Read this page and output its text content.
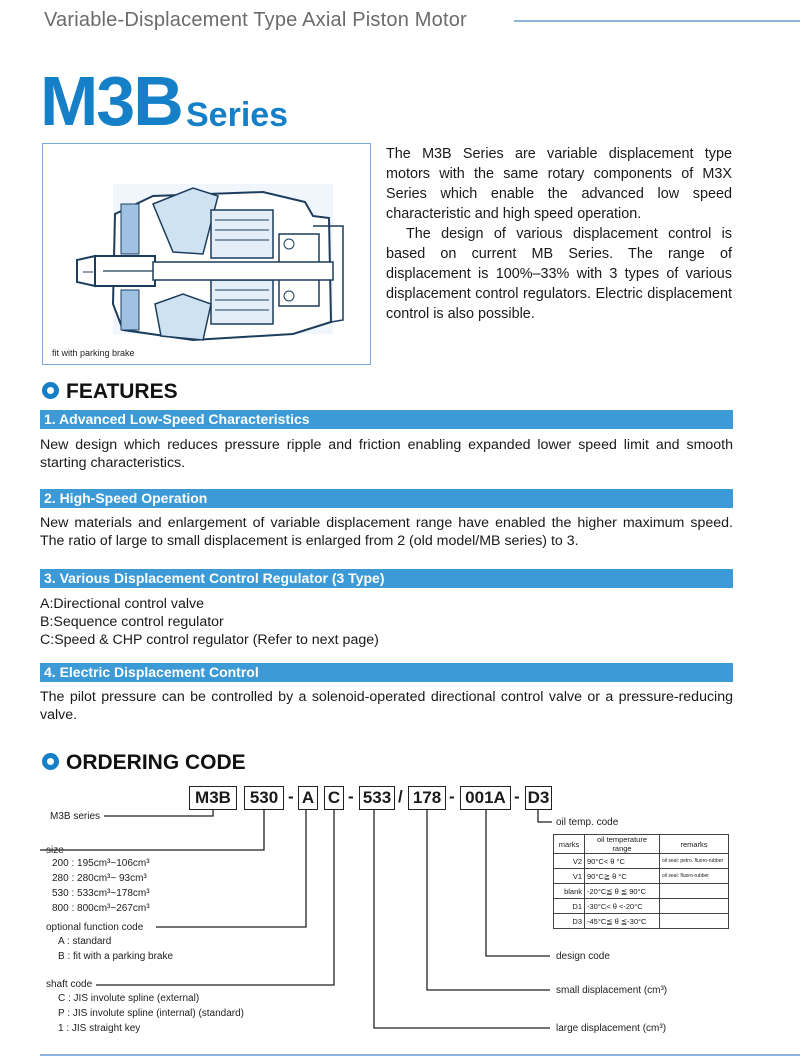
Variable-Displacement Type Axial Piston Motor
M3B Series
fit with parking brake

The M3B Series are variable displacement type motors with the same rotary components of M3X Series which enable the advanced low speed characteristic and high speed operation.

The design of various displacement control is based on current MB Series. The range of displacement is 100%–33% with 3 types of various displacement control regulators. Electric displacement control is also possible.

FEATURES
1. Advanced Low-Speed Characteristics

New design which reduces pressure ripple and friction enabling expanded lower speed limit and smooth starting characteristics.

2. High-Speed Operation

New materials and enlargement of variable displacement range have enabled the higher maximum speed. The ratio of large to small displacement is enlarged from 2 (old model/MB series) to 3.

3. Various Displacement Control Regulator (3 Type)

A:Directional control valve

B:Sequence control regulator

C:Speed & CHP control regulator (Refer to next page)

4. Electric Displacement Control

The pilot pressure can be controlled by a solenoid-operated directional control valve or a pressure-reducing valve.

ORDERING CODE
M3B	530 - A C - 533 / 178 - 001A - D3
M3B series
size
200 : 195cm³~106cm³
280 : 280cm³~ 93cm³
530 : 533cm³~178cm³
800 : 800cm³~267cm³
optional function code
A : standard
B : fit with a parking brake
shaft code
C : JIS involute spline (external)
P : JIS involute spline (internal) (standard)
1 : JIS straight key
oil temp. code
design code
small displacement (cm³)
large displacement (cm³)
marks	oil temperature range	remarks
V2	90°C< θ °C	oil seal: petro. fluoro-rubber
V1	90°C≧ θ °C	oil seal: fluoro-rubber
blank	-20°C≦ θ ≦ 90°C	
D1	-30°C< θ <-20°C	
D3	-45°C≦ θ ≦-30°C	
